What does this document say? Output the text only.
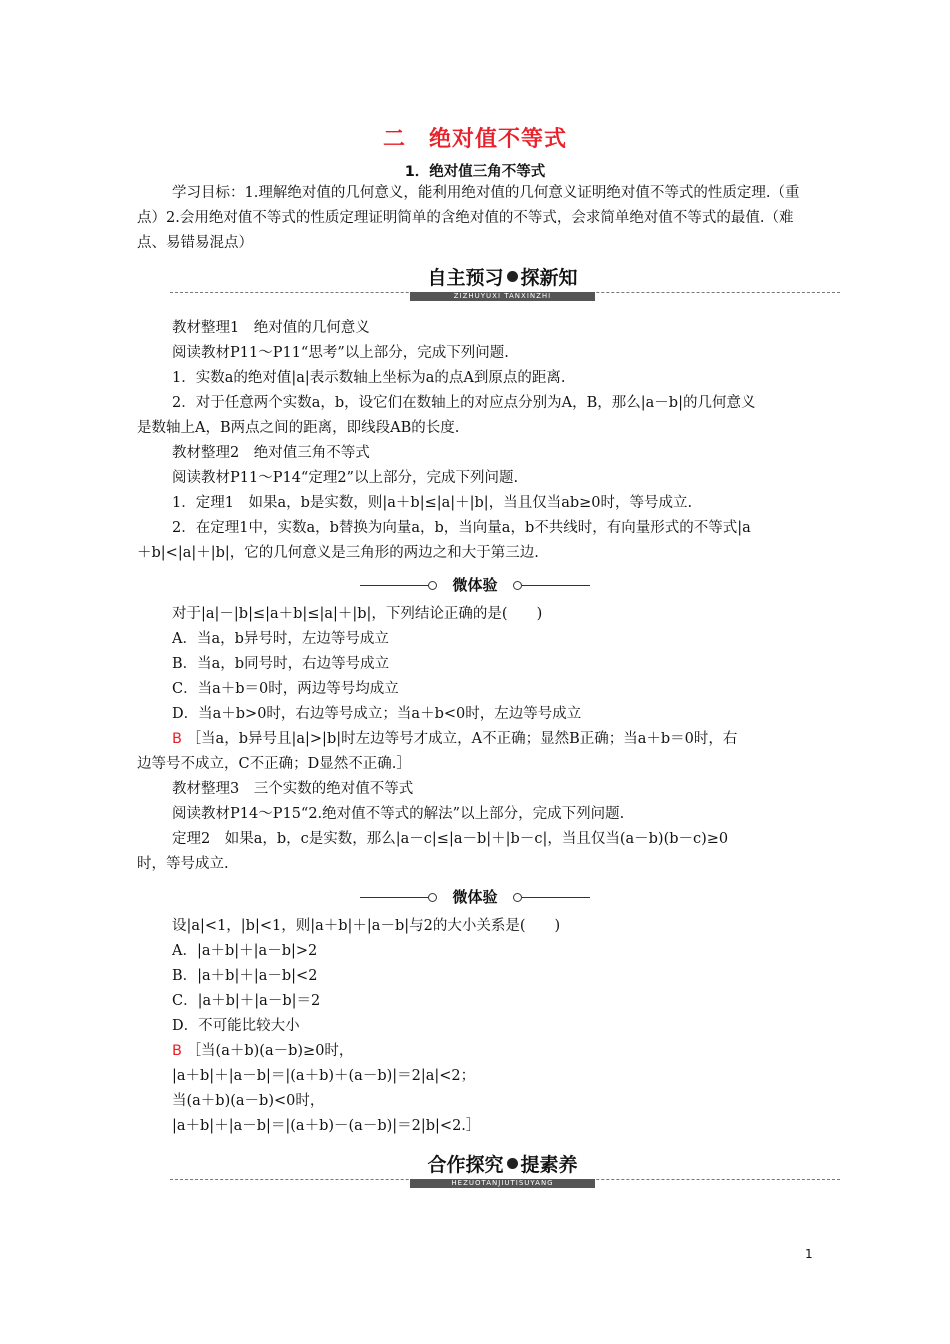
二　绝对值不等式
1．绝对值三角不等式
学习目标：1.理解绝对值的几何意义，能利用绝对值的几何意义证明绝对值不等式的性质定理.（重点）2.会用绝对值不等式的性质定理证明简单的含绝对值的不等式，会求简单绝对值不等式的最值.（难点、易错易混点）
自主预习 探新知
ZIZHUYUXI TANXINZHI
教材整理1　绝对值的几何意义
阅读教材P11～P11“思考”以上部分，完成下列问题.
1．实数a的绝对值|a|表示数轴上坐标为a的点A到原点的距离.
2．对于任意两个实数a，b，设它们在数轴上的对应点分别为A，B，那么|a－b|的几何意义
是数轴上A，B两点之间的距离，即线段AB的长度.
教材整理2　绝对值三角不等式
阅读教材P11～P14“定理2”以上部分，完成下列问题.
1．定理1　如果a，b是实数，则|a＋b|≤|a|＋|b|，当且仅当ab≥0时，等号成立.
2．在定理1中，实数a，b替换为向量a，b，当向量a，b不共线时，有向量形式的不等式|a
＋b|<|a|＋|b|，它的几何意义是三角形的两边之和大于第三边.
微体验
对于|a|－|b|≤|a＋b|≤|a|＋|b|，下列结论正确的是(　　)
A．当a，b异号时，左边等号成立
B．当a，b同号时，右边等号成立
C．当a＋b＝0时，两边等号均成立
D．当a＋b>0时，右边等号成立；当a＋b<0时，左边等号成立
B ［当a，b异号且|a|>|b|时左边等号才成立，A不正确；显然B正确；当a＋b＝0时，右
边等号不成立，C不正确；D显然不正确.］
教材整理3　三个实数的绝对值不等式
阅读教材P14～P15“2.绝对值不等式的解法”以上部分，完成下列问题.
定理2　如果a，b，c是实数，那么|a－c|≤|a－b|＋|b－c|，当且仅当(a－b)(b－c)≥0
时，等号成立.
微体验
设|a|<1，|b|<1，则|a＋b|＋|a－b|与2的大小关系是(　　)
A．|a＋b|＋|a－b|>2
B．|a＋b|＋|a－b|<2
C．|a＋b|＋|a－b|＝2
D．不可能比较大小
B ［当(a＋b)(a－b)≥0时，
|a＋b|＋|a－b|＝|(a＋b)＋(a－b)|＝2|a|<2；
当(a＋b)(a－b)<0时，
|a＋b|＋|a－b|＝|(a＋b)－(a－b)|＝2|b|<2.］
合作探究 提素养
HEZUOTANJIUTISUYANG
1
